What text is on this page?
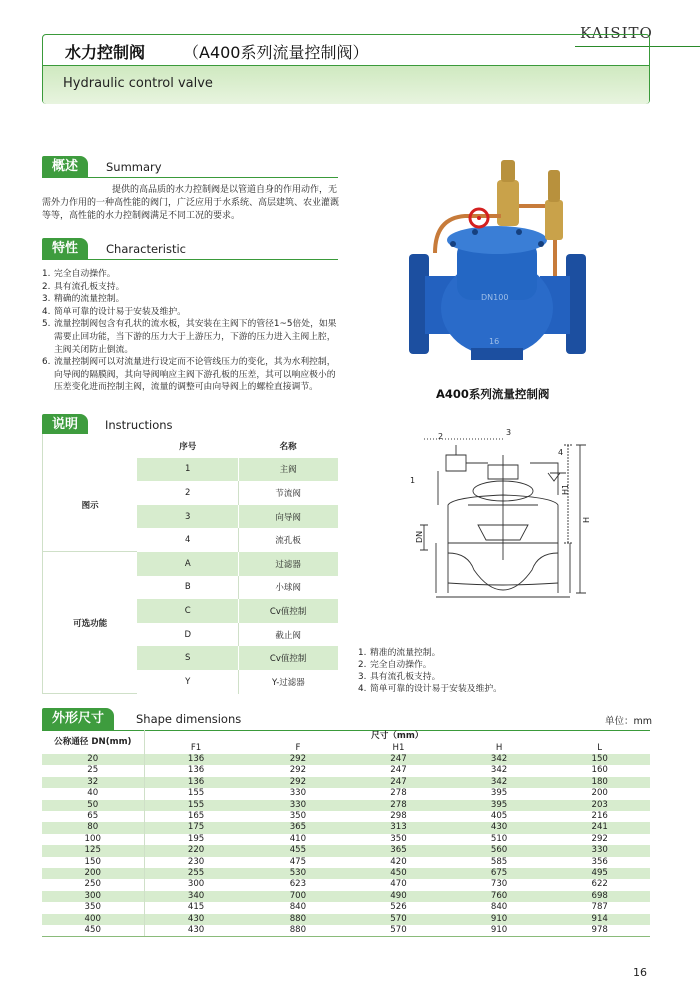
KAISITO
水力控制阀 （A400系列流量控制阀）
Hydraulic control valve
概述	Summary

提供的高品质的水力控制阀是以管道自身的作用动作，无需外力作用的一种高性能的阀门，广泛应用于水系统、高层建筑、农业灌溉等等，高性能的水力控制阀满足不同工况的要求。

特性	Characteristic
1. 完全自动操作。
2. 具有流孔板支持。
3. 精确的流量控制。
4. 简单可靠的设计易于安装及维护。
5. 流量控制阀包含有孔状的流水板，其安装在主阀下的管径1~5倍处，如果需要止回功能，当下游的压力大于上游压力，下游的压力进入主阀上腔，主阀关闭防止倒流。
6. 流量控制阀可以对流量进行设定而不论管线压力的变化，其为水利控制，向导阀的隔膜阀，其向导阀响应主阀下游孔板的压差，其可以响应极小的压差变化进而控制主阀，流量的调整可由向导阀上的螺栓直接调节。
DN100
16
A400系列流量控制阀
说明	Instructions
	序号	名称
图示	1	主阀
	2	节流阀
	3	向导阀
	4	流孔板
可选功能	A	过滤器
	B	小球阀
	C	Cv值控制
	D	截止阀
	S	Cv值控制
	Y	Y-过滤器
1
2	3
4
DN
H1
H
1. 精准的流量控制。
2. 完全自动操作。
3. 具有流孔板支持。
4. 简单可靠的设计易于安装及维护。
外形尺寸	Shape dimensions	单位：mm
公称通径 DN(mm)	尺寸（mm）				
	F1	F	H1	H	L
20	136	292	247	342	150
25	136	292	247	342	160
32	136	292	247	342	180
40	155	330	278	395	200
50	155	330	278	395	203
65	165	350	298	405	216
80	175	365	313	430	241
100	195	410	350	510	292
125	220	455	365	560	330
150	230	475	420	585	356
200	255	530	450	675	495
250	300	623	470	730	622
300	340	700	490	760	698
350	415	840	526	840	787
400	430	880	570	910	914
450	430	880	570	910	978
16
